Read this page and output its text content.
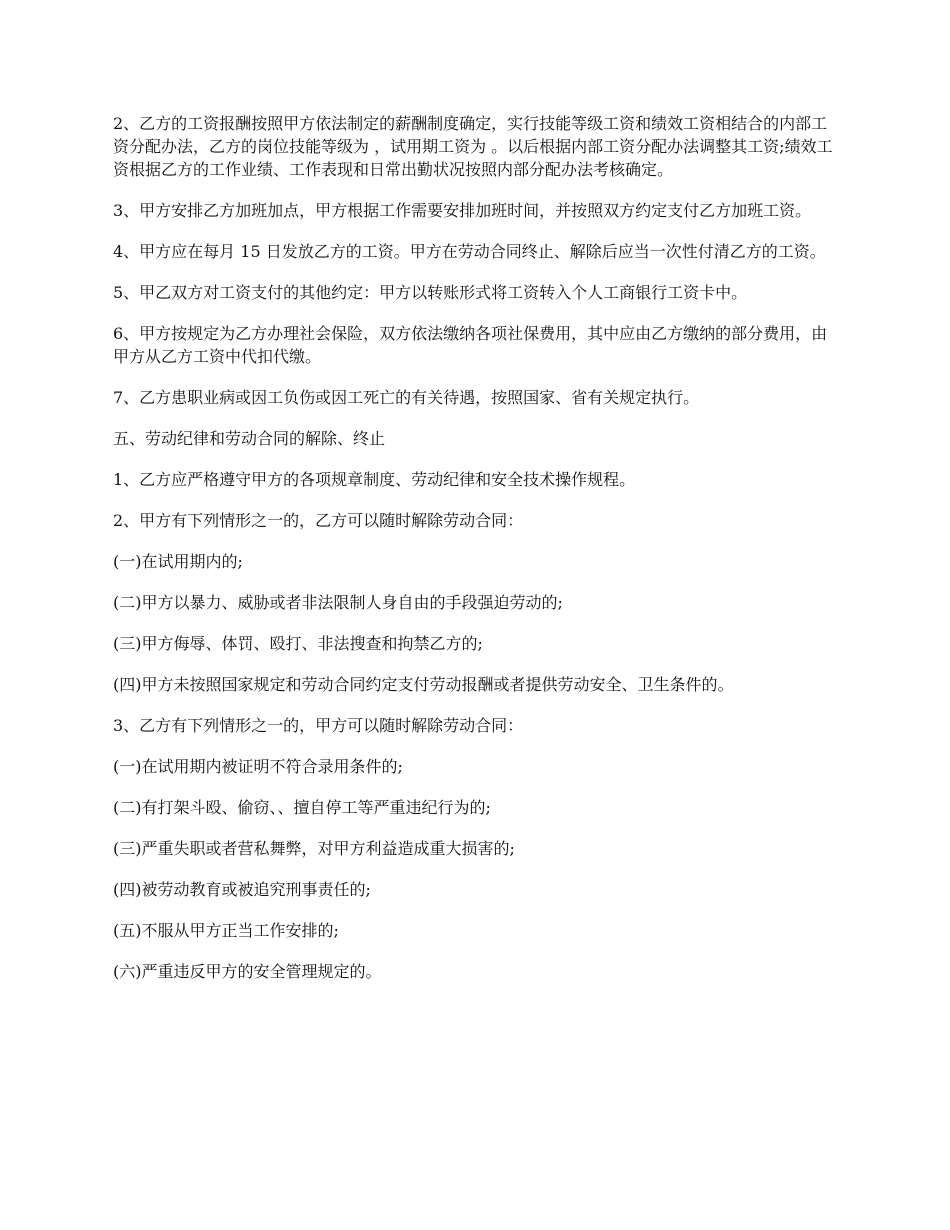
2、乙方的工资报酬按照甲方依法制定的薪酬制度确定，实行技能等级工资和绩效工资相结合的内部工资分配办法，乙方的岗位技能等级为 ，试用期工资为 。以后根据内部工资分配办法调整其工资;绩效工资根据乙方的工作业绩、工作表现和日常出勤状况按照内部分配办法考核确定。

3、甲方安排乙方加班加点，甲方根据工作需要安排加班时间，并按照双方约定支付乙方加班工资。

4、甲方应在每月 15 日发放乙方的工资。甲方在劳动合同终止、解除后应当一次性付清乙方的工资。

5、甲乙双方对工资支付的其他约定：甲方以转账形式将工资转入个人工商银行工资卡中。

6、甲方按规定为乙方办理社会保险，双方依法缴纳各项社保费用，其中应由乙方缴纳的部分费用，由甲方从乙方工资中代扣代缴。

7、乙方患职业病或因工负伤或因工死亡的有关待遇，按照国家、省有关规定执行。

五、劳动纪律和劳动合同的解除、终止

1、乙方应严格遵守甲方的各项规章制度、劳动纪律和安全技术操作规程。

2、甲方有下列情形之一的，乙方可以随时解除劳动合同：

(一)在试用期内的;

(二)甲方以暴力、威胁或者非法限制人身自由的手段强迫劳动的;

(三)甲方侮辱、体罚、殴打、非法搜查和拘禁乙方的;

(四)甲方未按照国家规定和劳动合同约定支付劳动报酬或者提供劳动安全、卫生条件的。

3、乙方有下列情形之一的，甲方可以随时解除劳动合同：

(一)在试用期内被证明不符合录用条件的;

(二)有打架斗殴、偷窃、、擅自停工等严重违纪行为的;

(三)严重失职或者营私舞弊，对甲方利益造成重大损害的;

(四)被劳动教育或被追究刑事责任的;

(五)不服从甲方正当工作安排的;

(六)严重违反甲方的安全管理规定的。
